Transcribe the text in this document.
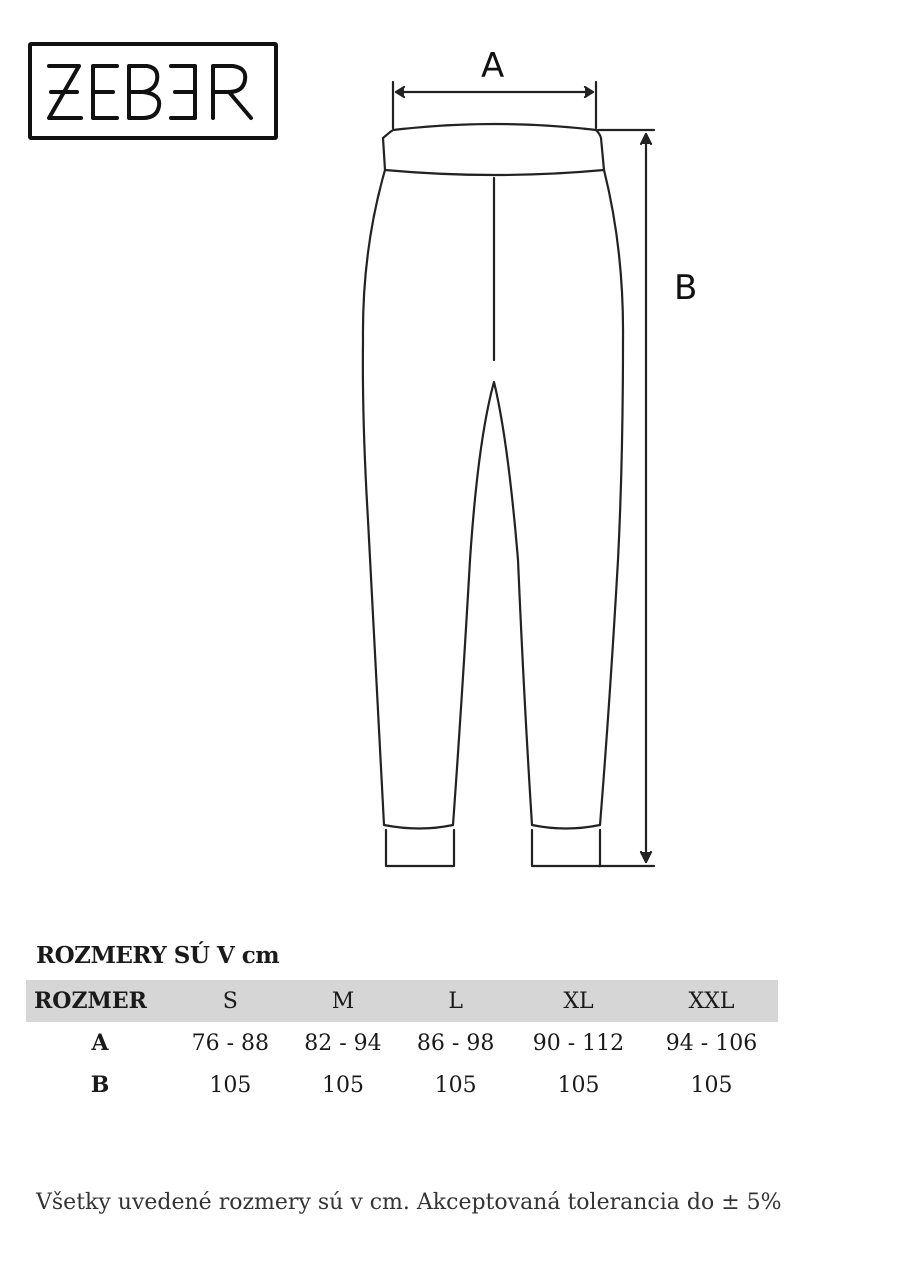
A
B
ROZMERY SÚ V cm
ROZMER	S	M	L	XL	XXL
A	76 - 88	82 - 94	86 - 98	90 - 112	94 - 106
B	105	105	105	105	105
Všetky uvedené rozmery sú v cm. Akceptovaná tolerancia do ± 5%
